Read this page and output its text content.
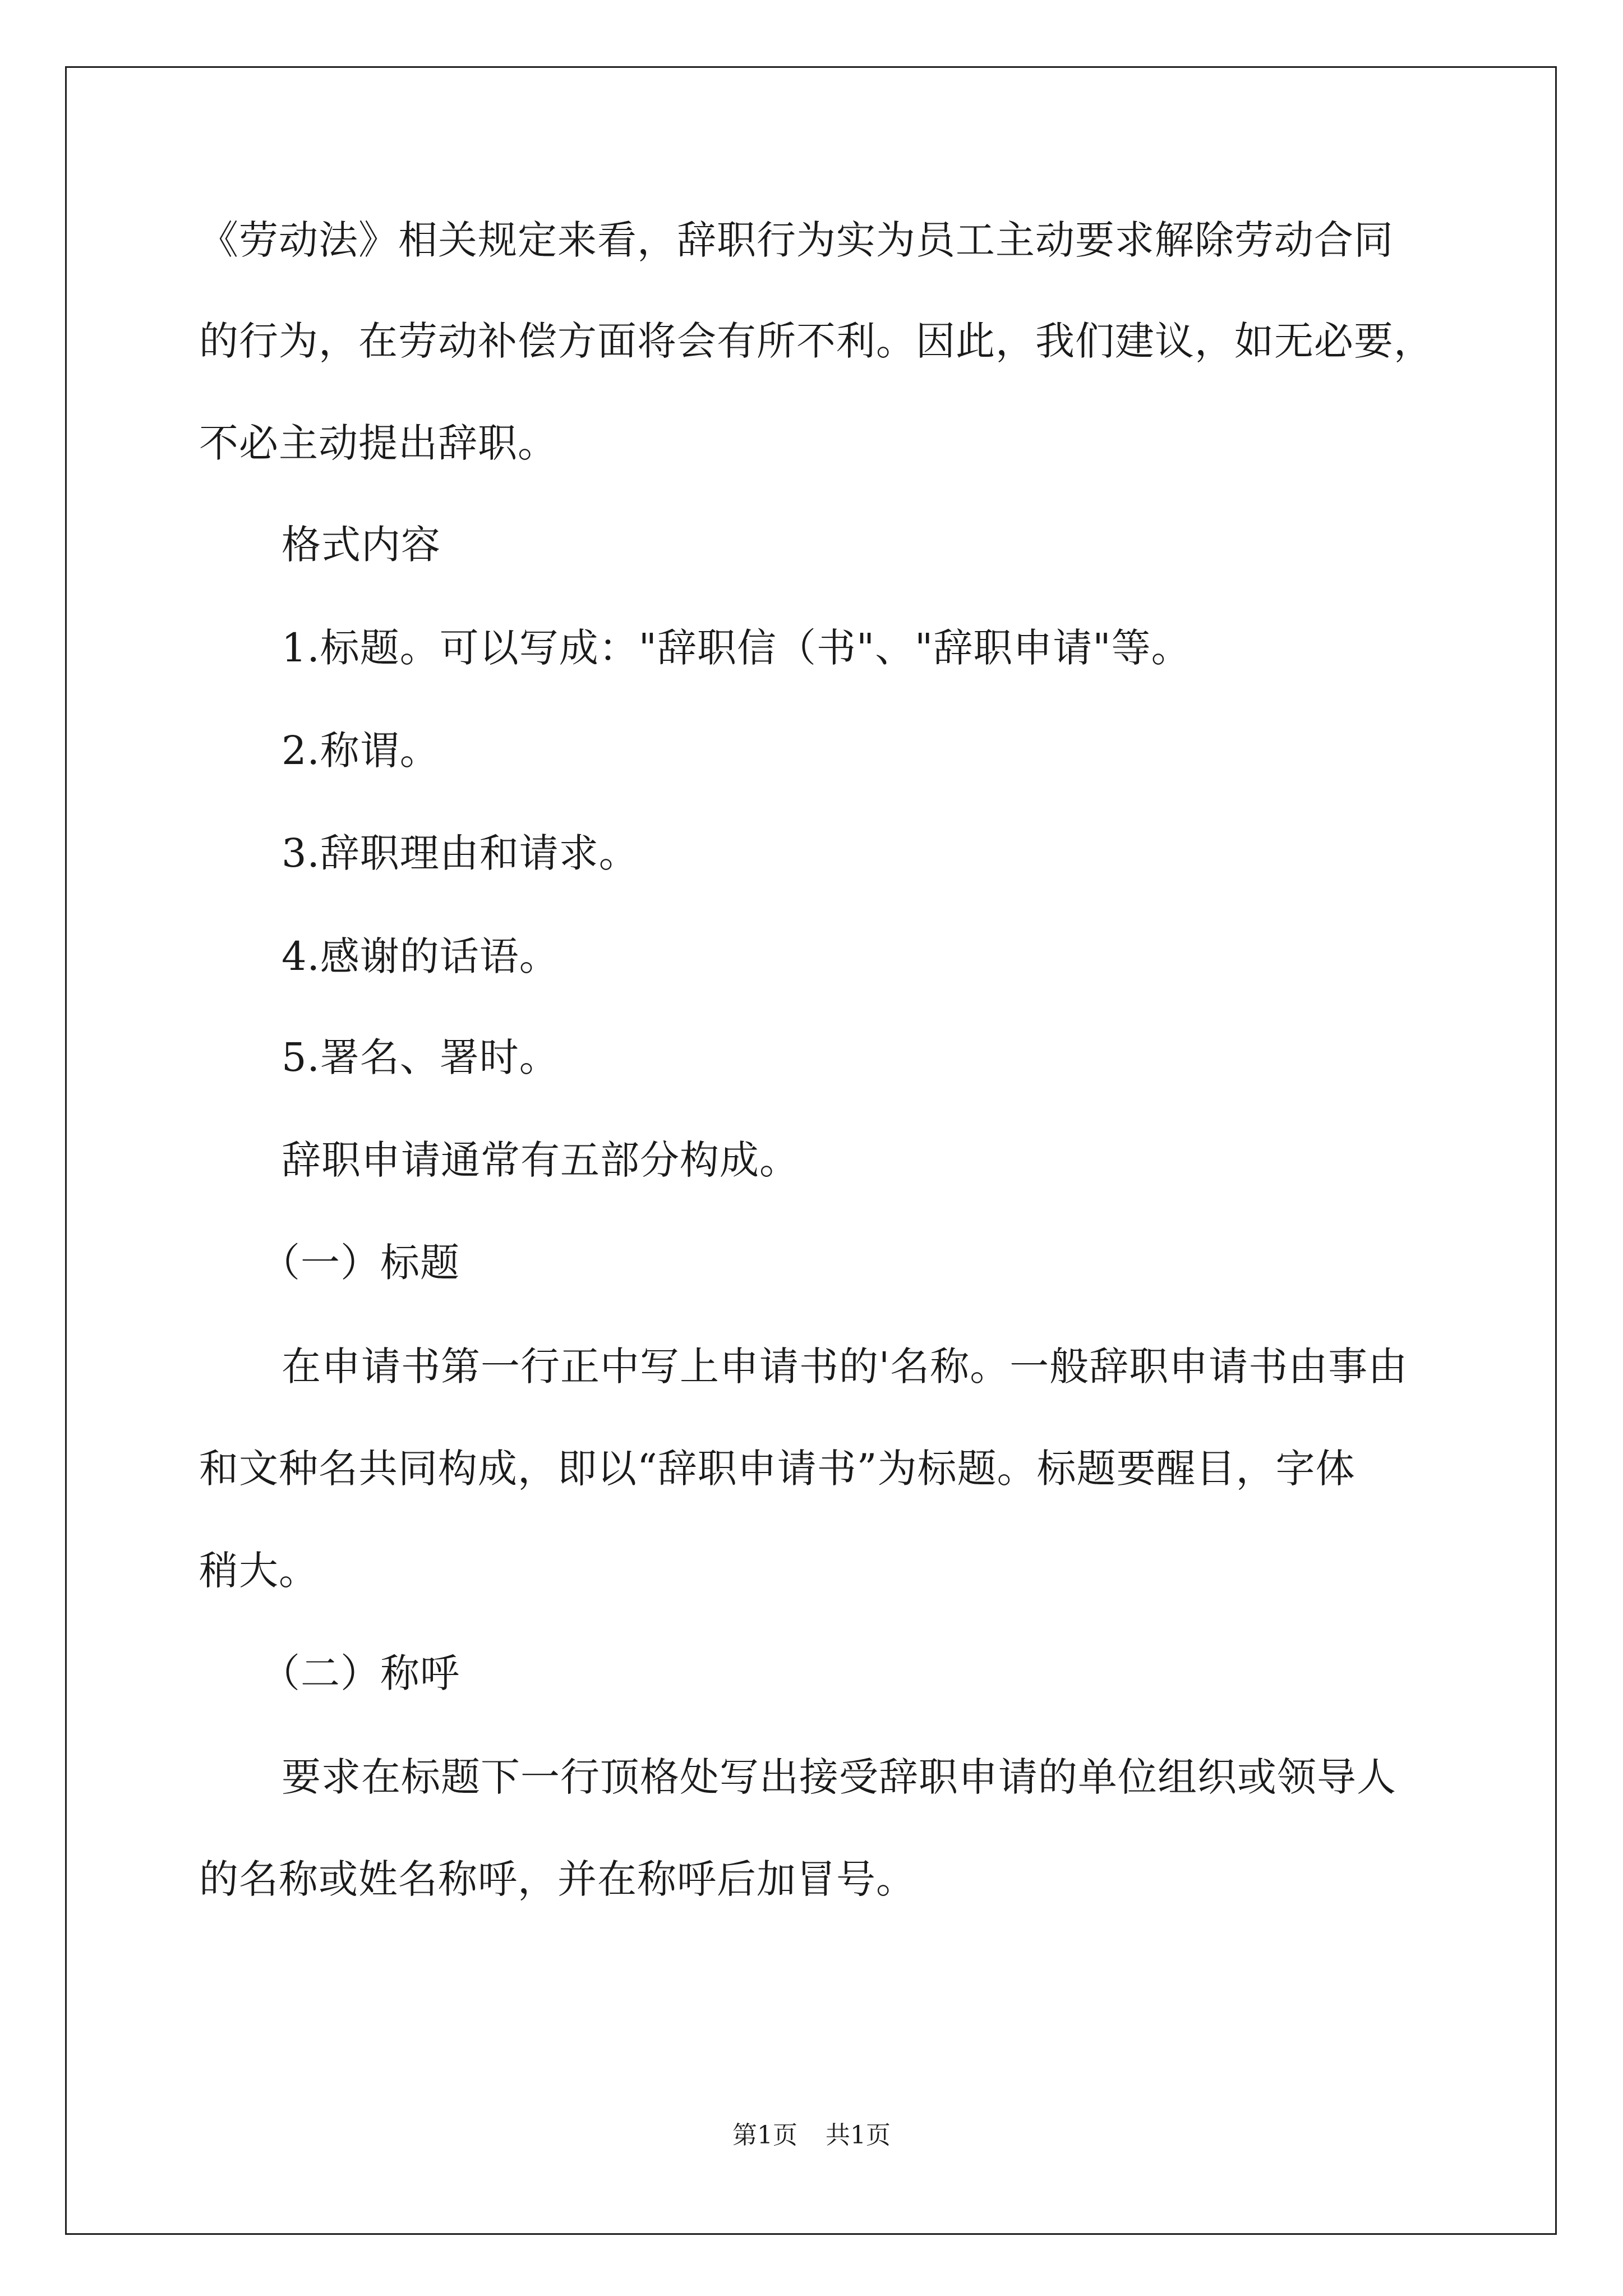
《劳动法》相关规定来看，辞职行为实为员工主动要求解除劳动合同
的行为，在劳动补偿方面将会有所不利。因此，我们建议，如无必要，
不必主动提出辞职。
格式内容
1.标题。可以写成："辞职信（书"、"辞职申请"等。
2.称谓。
3.辞职理由和请求。
4.感谢的话语。
5.署名、署时。
辞职申请通常有五部分构成。
（一）标题
在申请书第一行正中写上申请书的'名称。一般辞职申请书由事由
和文种名共同构成，即以“辞职申请书”为标题。标题要醒目，字体
稍大。
（二）称呼
要求在标题下一行顶格处写出接受辞职申请的单位组织或领导人
的名称或姓名称呼，并在称呼后加冒号。
第1页 共1页
